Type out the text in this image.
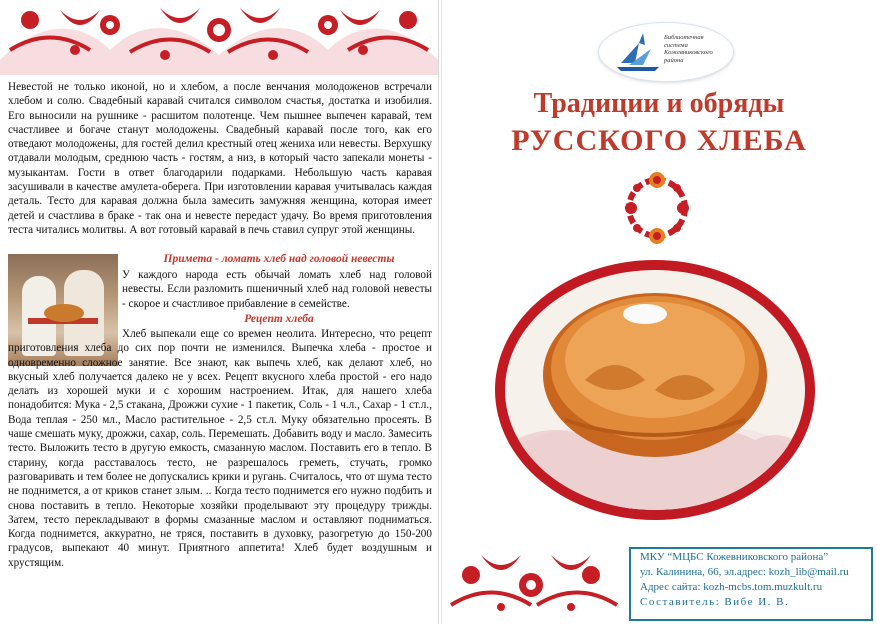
Невестой не только иконой, но и хлебом, а после венчания молодоженов встречали хлебом и солю. Свадебный каравай считался символом счастья, достатка и изобилия. Его выносили на рушнике - расшитом полотенце. Чем пышнее выпечен каравай, тем счастливее и богаче станут молодожены. Свадебный каравай после того, как его отведают молодожены, для гостей делил крестный отец жениха или невесты. Верхушку отдавали молодым, среднюю часть - гостям, а низ, в который часто запекали монеты - музыкантам. Гости в ответ благодарили подарками. Небольшую часть каравая засушивали в качестве амулета-оберега. При изготовлении каравая учитывалась каждая деталь. Тесто для каравая должна была замесить замужняя женщина, которая имеет детей и счастлива в браке - так она и невесте передаст удачу. Во время приготовления теста читались молитвы. А вот готовый каравай в печь ставил супруг этой женщины.

Примета - ломать хлеб над головой невесты

У каждого народа есть обычай ломать хлеб над головой невесты. Если разломить пшеничный хлеб над головой невесты - скорое и счастливое прибавление в семействе.

Рецепт хлеба

Хлеб выпекали еще со времен неолита. Интересно, что рецепт приготовления хлеба до сих пор почти не изменился. Выпечка хлеба - простое и одновременно сложное занятие. Все знают, как выпечь хлеб, как делают хлеб, но вкусный хлеб получается далеко не у всех. Рецепт вкусного хлеба простой - его надо делать из хорошей муки и с хорошим настроением. Итак, для нашего хлеба понадобится: Мука - 2,5 стакана, Дрожжи сухие - 1 пакетик, Соль - 1 ч.л., Сахар - 1 ст.л., Вода теплая - 250 мл., Масло растительное - 2,5 ст.л. Муку обязательно просеять. В чаше смешать муку, дрожжи, сахар, соль. Перемешать. Добавить воду и масло. Замесить тесто. Выложить тесто в другую емкость, смазанную маслом. Поставить его в тепло. В старину, когда расставалось тесто, не разрешалось греметь, стучать, громко разговаривать и тем более не допускались крики и ругань. Считалось, что от шума тесто не поднимется, а от криков станет злым. .. Когда тесто поднимется его нужно подбить и снова поставить в тепло. Некоторые хозяйки проделывают эту процедуру трижды. Затем, тесто перекладывают в формы смазанные маслом и оставляют подниматься. Когда поднимется, аккуратно, не тряся, поставить в духовку, разогретую до 150-200 градусов, выпекают 40 минут. Приятного аппетита! Хлеб будет воздушным и хрустящим.

Библиотечная система Кожевниковского района
Традиции и обряды
РУССКОГО ХЛЕБА
МКУ “МЦБС Кожевниковского района”
ул. Калинина, 66, эл.адрес: kozh_lib@mail.ru
Адрес сайта: kozh-mcbs.tom.muzkult.ru
Составитель: Вибе И. В.
